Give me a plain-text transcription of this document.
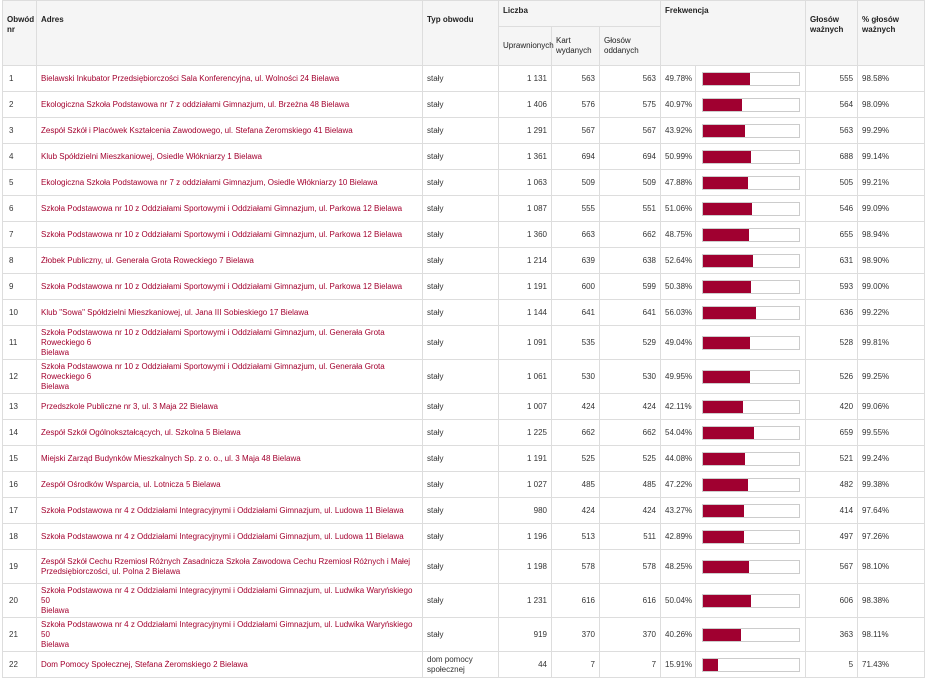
Obwód nr	Adres	Typ obwodu	Liczba			Frekwencja		Głosów ważnych	% głosów ważnych
			Uprawnionych	Kart wydanych	Głosów oddanych				
1	Bielawski Inkubator Przedsiębiorczości Sala Konferencyjna, ul. Wolności 24 Bielawa	stały	1 131	563	563	49.78%		555	98.58%
2	Ekologiczna Szkoła Podstawowa nr 7 z oddziałami Gimnazjum, ul. Brzeżna 48 Bielawa	stały	1 406	576	575	40.97%		564	98.09%
3	Zespół Szkół i Placówek Kształcenia Zawodowego, ul. Stefana Żeromskiego 41 Bielawa	stały	1 291	567	567	43.92%		563	99.29%
4	Klub Spółdzielni Mieszkaniowej, Osiedle Włókniarzy 1 Bielawa	stały	1 361	694	694	50.99%		688	99.14%
5	Ekologiczna Szkoła Podstawowa nr 7 z oddziałami Gimnazjum, Osiedle Włókniarzy 10 Bielawa	stały	1 063	509	509	47.88%		505	99.21%
6	Szkoła Podstawowa nr 10 z Oddziałami Sportowymi i Oddziałami Gimnazjum, ul. Parkowa 12 Bielawa	stały	1 087	555	551	51.06%		546	99.09%
7	Szkoła Podstawowa nr 10 z Oddziałami Sportowymi i Oddziałami Gimnazjum, ul. Parkowa 12 Bielawa	stały	1 360	663	662	48.75%		655	98.94%
8	Żłobek Publiczny, ul. Generała Grota Roweckiego 7 Bielawa	stały	1 214	639	638	52.64%		631	98.90%
9	Szkoła Podstawowa nr 10 z Oddziałami Sportowymi i Oddziałami Gimnazjum, ul. Parkowa 12 Bielawa	stały	1 191	600	599	50.38%		593	99.00%
10	Klub "Sowa" Spółdzielni Mieszkaniowej, ul. Jana III Sobieskiego 17 Bielawa	stały	1 144	641	641	56.03%		636	99.22%
11	Szkoła Podstawowa nr 10 z Oddziałami Sportowymi i Oddziałami Gimnazjum, ul. Generała Grota Roweckiego 6
Bielawa	stały	1 091	535	529	49.04%		528	99.81%
12	Szkoła Podstawowa nr 10 z Oddziałami Sportowymi i Oddziałami Gimnazjum, ul. Generała Grota Roweckiego 6
Bielawa	stały	1 061	530	530	49.95%		526	99.25%
13	Przedszkole Publiczne nr 3, ul. 3 Maja 22 Bielawa	stały	1 007	424	424	42.11%		420	99.06%
14	Zespół Szkół Ogólnokształcących, ul. Szkolna 5 Bielawa	stały	1 225	662	662	54.04%		659	99.55%
15	Miejski Zarząd Budynków Mieszkalnych Sp. z o. o., ul. 3 Maja 48 Bielawa	stały	1 191	525	525	44.08%		521	99.24%
16	Zespół Ośrodków Wsparcia, ul. Lotnicza 5 Bielawa	stały	1 027	485	485	47.22%		482	99.38%
17	Szkoła Podstawowa nr 4 z Oddziałami Integracyjnymi i Oddziałami Gimnazjum, ul. Ludowa 11 Bielawa	stały	980	424	424	43.27%		414	97.64%
18	Szkoła Podstawowa nr 4 z Oddziałami Integracyjnymi i Oddziałami Gimnazjum, ul. Ludowa 11 Bielawa	stały	1 196	513	511	42.89%		497	97.26%
19	Zespół Szkół Cechu Rzemiosł Różnych Zasadnicza Szkoła Zawodowa Cechu Rzemiosł Różnych i Małej
Przedsiębiorczości, ul. Polna 2 Bielawa	stały	1 198	578	578	48.25%		567	98.10%
20	Szkoła Podstawowa nr 4 z Oddziałami Integracyjnymi i Oddziałami Gimnazjum, ul. Ludwika Waryńskiego 50
Bielawa	stały	1 231	616	616	50.04%		606	98.38%
21	Szkoła Podstawowa nr 4 z Oddziałami Integracyjnymi i Oddziałami Gimnazjum, ul. Ludwika Waryńskiego 50
Bielawa	stały	919	370	370	40.26%		363	98.11%
22	Dom Pomocy Społecznej, Stefana Żeromskiego 2 Bielawa	dom pomocy społecznej	44	7	7	15.91%		5	71.43%
